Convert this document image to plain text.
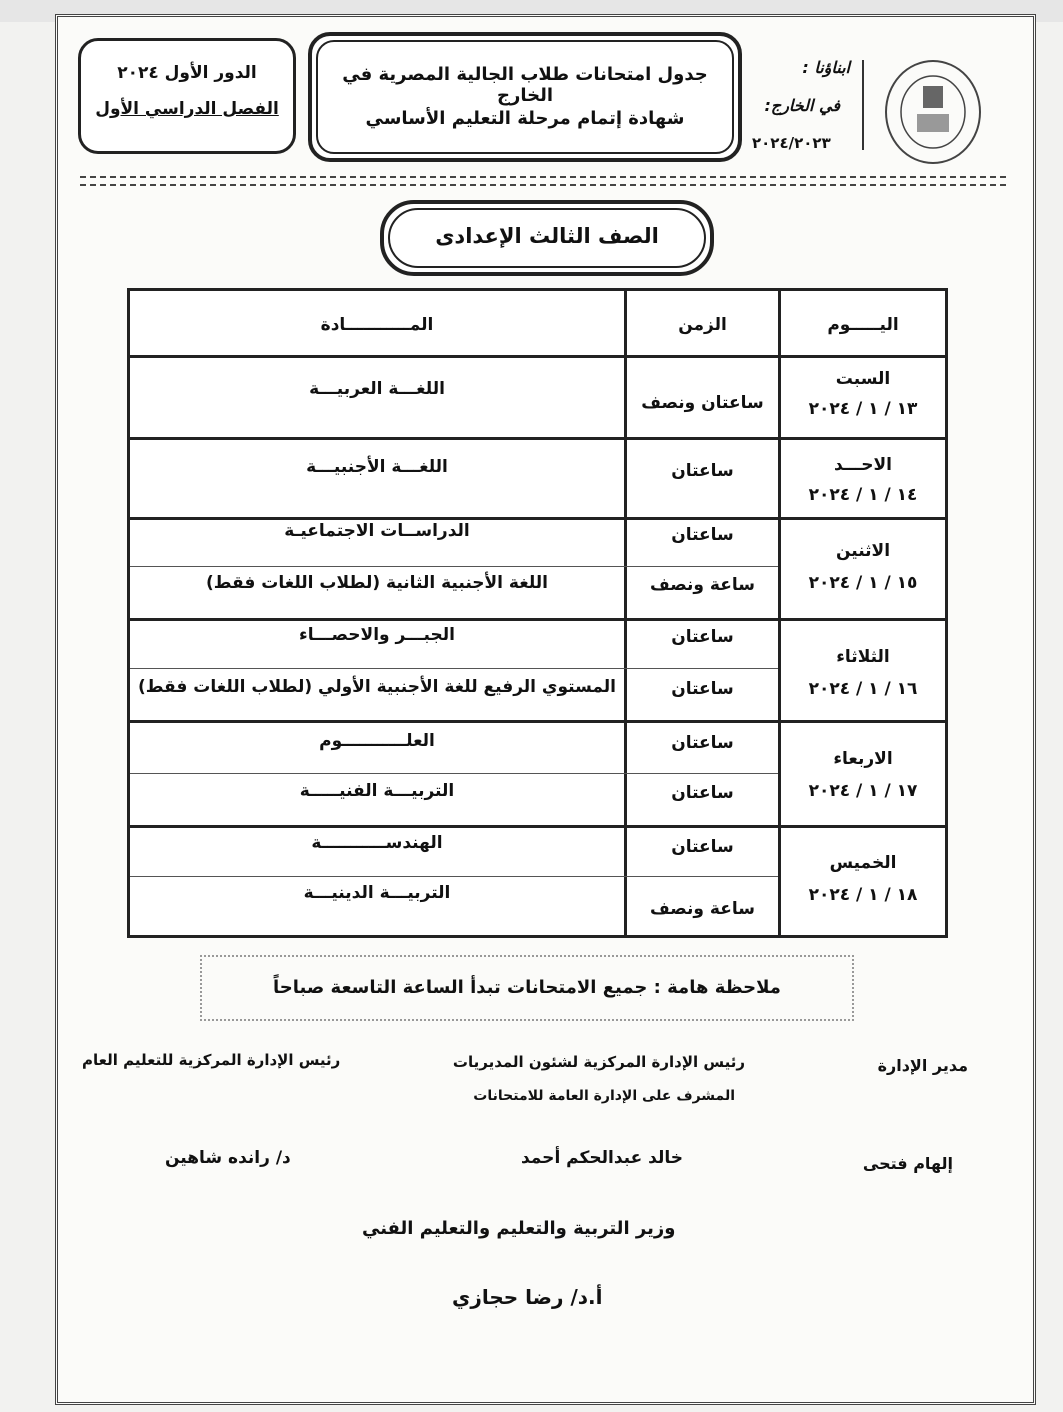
الدور الأول ٢٠٢٤
الفصل الدراسي الأول
جدول امتحانات طلاب الجالية المصرية في الخارج
شهادة إتمام مرحلة التعليم الأساسي
ابناؤنا :
في الخارج:
٢٠٢٤/٢٠٢٣
الصف الثالث الإعدادى
اليـــــوم
الزمن
المـــــــــــادة
السبت
١٣ / ١ / ٢٠٢٤
الاحـــد
١٤ / ١ / ٢٠٢٤
الاثنين
١٥ / ١ / ٢٠٢٤
الثلاثاء
١٦ / ١ / ٢٠٢٤
الاربعاء
١٧ / ١ / ٢٠٢٤
الخميس
١٨ / ١ / ٢٠٢٤
ساعتان ونصف
اللغـــة العربيـــة
ساعتان
اللغـــة الأجنبيـــة
ساعتان
الدراســات الاجتماعيـة
ساعة ونصف
اللغة الأجنبية الثانية (لطلاب اللغات فقط)
ساعتان
الجبـــر والاحصـــاء
ساعتان
المستوي الرفيع للغة الأجنبية الأولي (لطلاب اللغات فقط)
ساعتان
العلـــــــــــوم
ساعتان
التربيـــة الفنيـــــة
ساعتان
الهندســـــــــــة
ساعة ونصف
التربيـــة الدينيـــة
ملاحظة هامة : جميع الامتحانات تبدأ الساعة التاسعة صباحاً
مدير الإدارة
إلهام فتحى
رئيس الإدارة المركزية لشئون المديريات
المشرف على الإدارة العامة للامتحانات
خالد عبدالحكم أحمد
رئيس الإدارة المركزية للتعليم العام
د/ رانده شاهين
وزير التربية والتعليم والتعليم الفني
أ.د/ رضا حجازي
